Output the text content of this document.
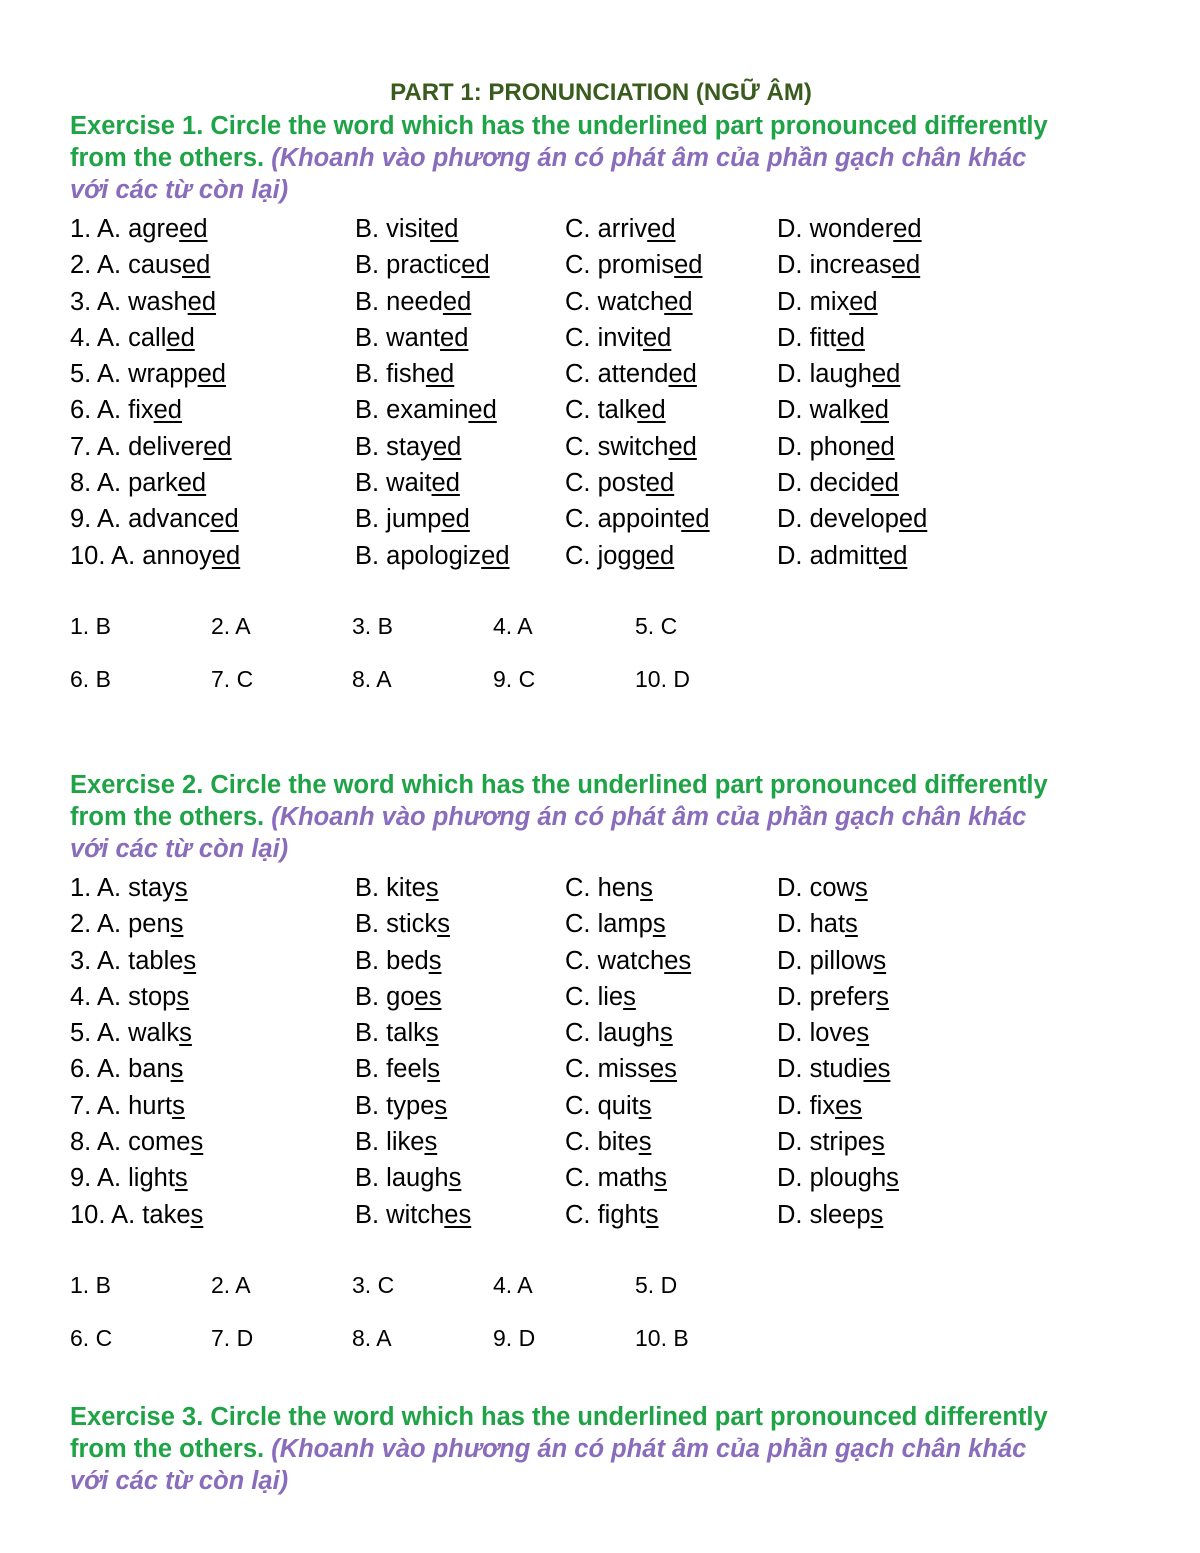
PART 1: PRONUNCIATION (NGỮ ÂM)

Exercise 1. Circle the word which has the underlined part pronounced differently
from the others. (Khoanh vào phương án có phát âm của phần gạch chân khác
với các từ còn lại)
1. A. agreed	B. visited	C. arrived	D. wondered
2. A. caused	B. practiced	C. promised	D. increased
3. A. washed	B. needed	C. watched	D. mixed
4. A. called	B. wanted	C. invited	D. fitted
5. A. wrapped	B. fished	C. attended	D. laughed
6. A. fixed	B. examined	C. talked	D. walked
7. A. delivered	B. stayed	C. switched	D. phoned
8. A. parked	B. waited	C. posted	D. decided
9. A. advanced	B. jumped	C. appointed	D. developed
10. A. annoyed	B. apologized C. jogged	D. admitted
1. B	2. A	3. B	4. A	5. C
6. B	7. C	8. A	9. C	10. D
Exercise 2. Circle the word which has the underlined part pronounced differently
from the others. (Khoanh vào phương án có phát âm của phần gạch chân khác
với các từ còn lại)
1. A. stays	B. kites	C. hens	D. cows
2. A. pens	B. sticks	C. lamps	D. hats
3. A. tables	B. beds	C. watches	D. pillows
4. A. stops	B. goes	C. lies	D. prefers
5. A. walks	B. talks	C. laughs	D. loves
6. A. bans	B. feels	C. misses	D. studies
7. A. hurts	B. types	C. quits	D. fixes
8. A. comes	B. likes	C. bites	D. stripes
9. A. lights	B. laughs	C. maths	D. ploughs
10. A. takes	B. witches	C. fights	D. sleeps
1. B	2. A	3. C	4. A	5. D
6. C	7. D	8. A	9. D	10. B
Exercise 3. Circle the word which has the underlined part pronounced differently
from the others. (Khoanh vào phương án có phát âm của phần gạch chân khác
với các từ còn lại)
